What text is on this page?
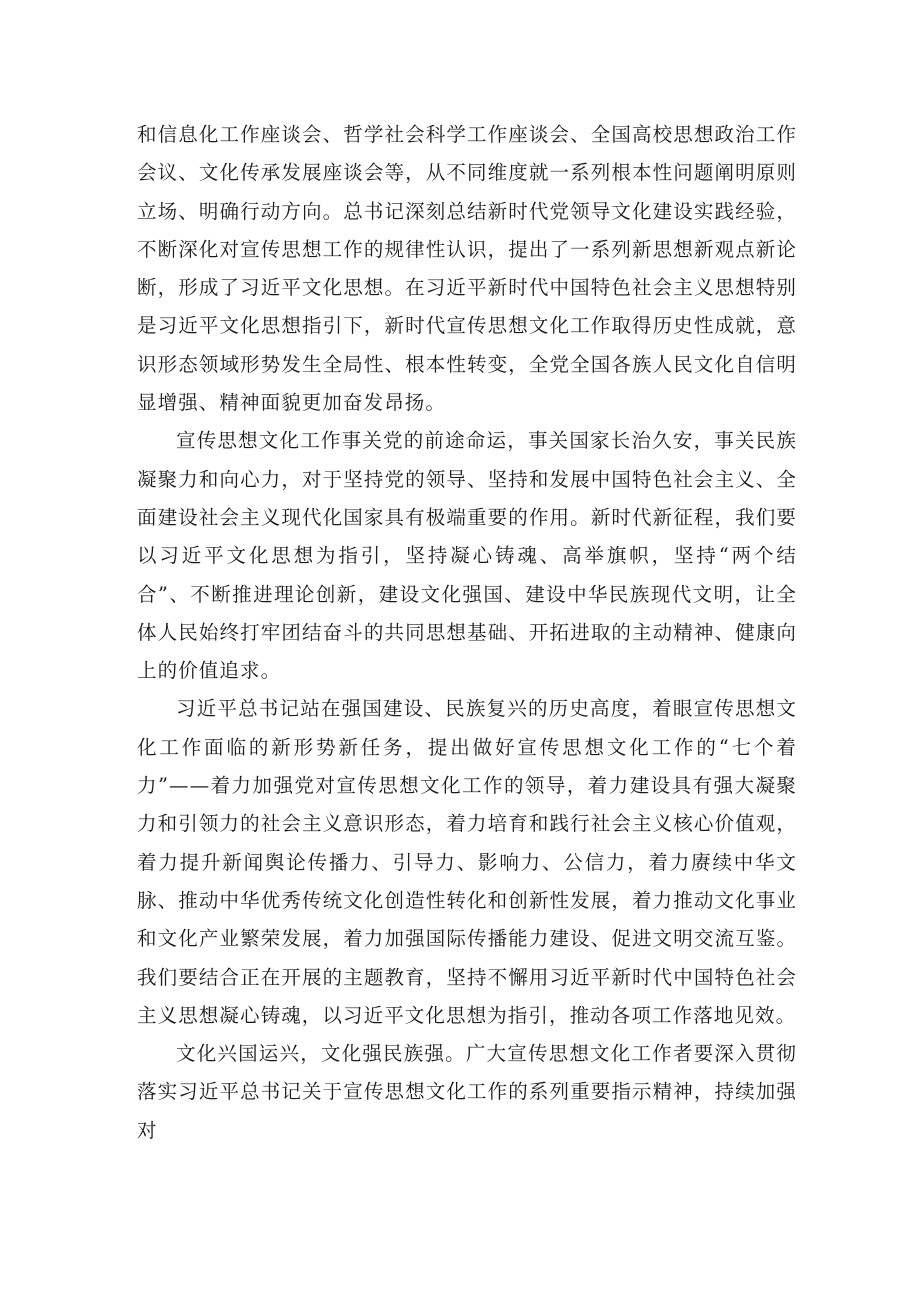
和信息化工作座谈会、哲学社会科学工作座谈会、全国高校思想政治工作会议、文化传承发展座谈会等，从不同维度就一系列根本性问题阐明原则立场、明确行动方向。总书记深刻总结新时代党领导文化建设实践经验，不断深化对宣传思想工作的规律性认识，提出了一系列新思想新观点新论断，形成了习近平文化思想。在习近平新时代中国特色社会主义思想特别是习近平文化思想指引下，新时代宣传思想文化工作取得历史性成就，意识形态领域形势发生全局性、根本性转变，全党全国各族人民文化自信明显增强、精神面貌更加奋发昂扬。

宣传思想文化工作事关党的前途命运，事关国家长治久安，事关民族凝聚力和向心力，对于坚持党的领导、坚持和发展中国特色社会主义、全面建设社会主义现代化国家具有极端重要的作用。新时代新征程，我们要以习近平文化思想为指引，坚持凝心铸魂、高举旗帜，坚持“两个结合”、不断推进理论创新，建设文化强国、建设中华民族现代文明，让全体人民始终打牢团结奋斗的共同思想基础、开拓进取的主动精神、健康向上的价值追求。

习近平总书记站在强国建设、民族复兴的历史高度，着眼宣传思想文化工作面临的新形势新任务，提出做好宣传思想文化工作的“七个着力”——着力加强党对宣传思想文化工作的领导，着力建设具有强大凝聚力和引领力的社会主义意识形态，着力培育和践行社会主义核心价值观，着力提升新闻舆论传播力、引导力、影响力、公信力，着力赓续中华文脉、推动中华优秀传统文化创造性转化和创新性发展，着力推动文化事业和文化产业繁荣发展，着力加强国际传播能力建设、促进文明交流互鉴。我们要结合正在开展的主题教育，坚持不懈用习近平新时代中国特色社会主义思想凝心铸魂，以习近平文化思想为指引，推动各项工作落地见效。

文化兴国运兴，文化强民族强。广大宣传思想文化工作者要深入贯彻落实习近平总书记关于宣传思想文化工作的系列重要指示精神，持续加强对
